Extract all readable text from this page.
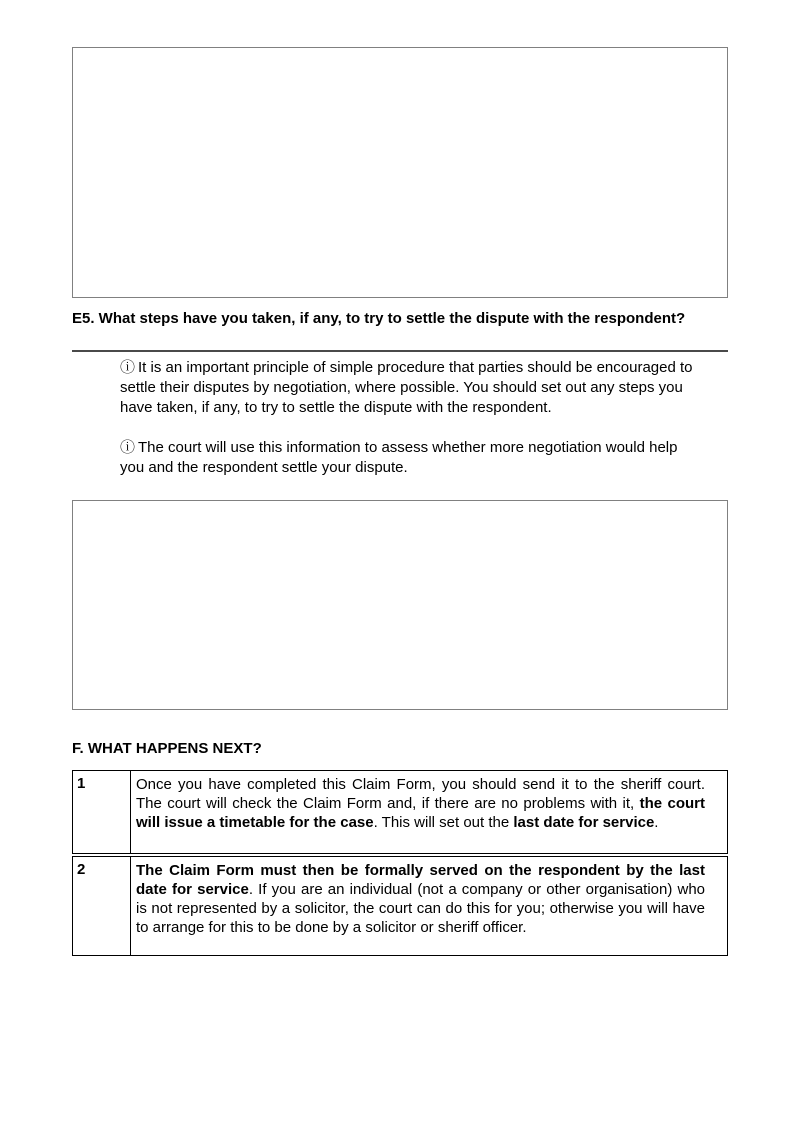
E5. What steps have you taken, if any, to try to settle the dispute with the respondent?

ⓘ It is an important principle of simple procedure that parties should be encouraged to settle their disputes by negotiation, where possible. You should set out any steps you have taken, if any, to try to settle the dispute with the respondent.

ⓘ The court will use this information to assess whether more negotiation would help you and the respondent settle your dispute.

F. WHAT HAPPENS NEXT?
1	Once you have completed this Claim Form, you should send it to the sheriff court. The court will check the Claim Form and, if there are no problems with it, the court will issue a timetable for the case. This will set out the last date for service.
2	The Claim Form must then be formally served on the respondent by the last date for service. If you are an individual (not a company or other organisation) who is not represented by a solicitor, the court can do this for you; otherwise you will have to arrange for this to be done by a solicitor or sheriff officer.
